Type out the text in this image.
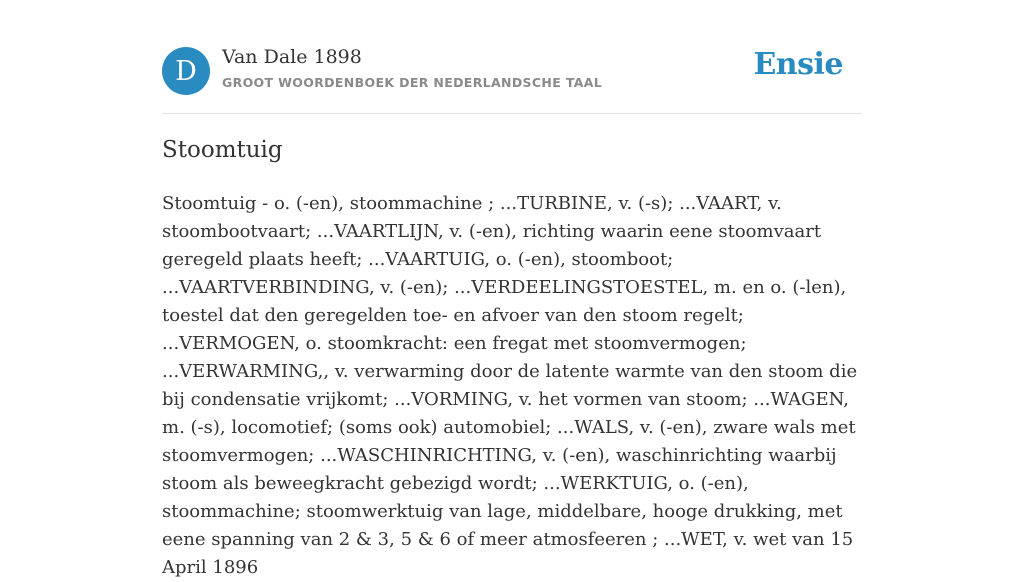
D	Van Dale 1898
GROOT WOORDENBOEK DER NEDERLANDSCHE TAAL
Ensie
Stoomtuig

Stoomtuig - o. (-en), stoommachine ; ...TURBINE, v. (-s); ...VAART, v. stoombootvaart; ...VAARTLIJN, v. (-en), richting waarin eene stoomvaart geregeld plaats heeft; ...VAARTUIG, o. (-en), stoomboot; ...VAARTVERBINDING, v. (-en); ...VERDEELINGSTOESTEL, m. en o. (-len), toestel dat den geregelden toe- en afvoer van den stoom regelt; ...VERMOGEN, o. stoomkracht: een fregat met stoomvermogen; ...VERWARMING,, v. verwarming door de latente warmte van den stoom die bij condensatie vrijkomt; ...VORMING, v. het vormen van stoom; ...WAGEN, m. (-s), locomotief; (soms ook) automobiel; ...WALS, v. (-en), zware wals met stoomvermogen; ...WASCHINRICHTING, v. (-en), waschinrichting waarbij stoom als beweegkracht gebezigd wordt; ...WERKTUIG, o. (-en), stoommachine; stoomwerktuig van lage, middelbare, hooge drukking, met eene spanning van 2 & 3, 5 & 6 of meer atmosfeeren ; ...WET, v. wet van 15 April 1896
